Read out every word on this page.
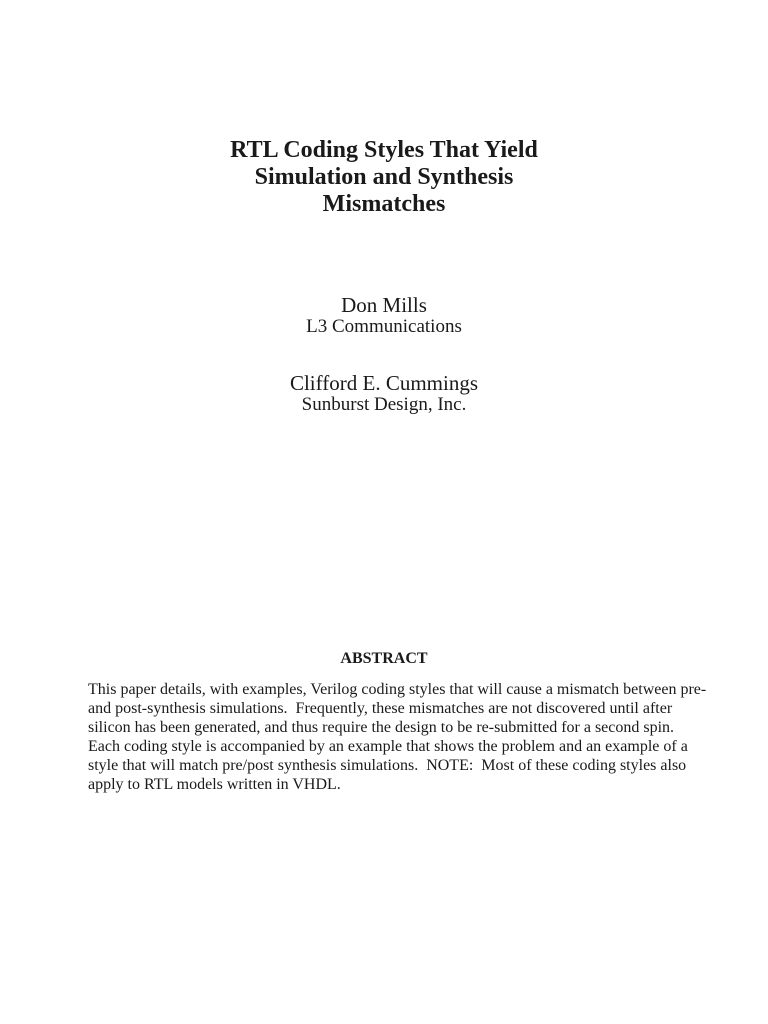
RTL Coding Styles That Yield
Simulation and Synthesis
Mismatches
Don Mills
L3 Communications
Clifford E. Cummings
Sunburst Design, Inc.
ABSTRACT
This paper details, with examples, Verilog coding styles that will cause a mismatch between pre-
and post-synthesis simulations.  Frequently, these mismatches are not discovered until after
silicon has been generated, and thus require the design to be re-submitted for a second spin.
Each coding style is accompanied by an example that shows the problem and an example of a
style that will match pre/post synthesis simulations.  NOTE:  Most of these coding styles also
apply to RTL models written in VHDL.
